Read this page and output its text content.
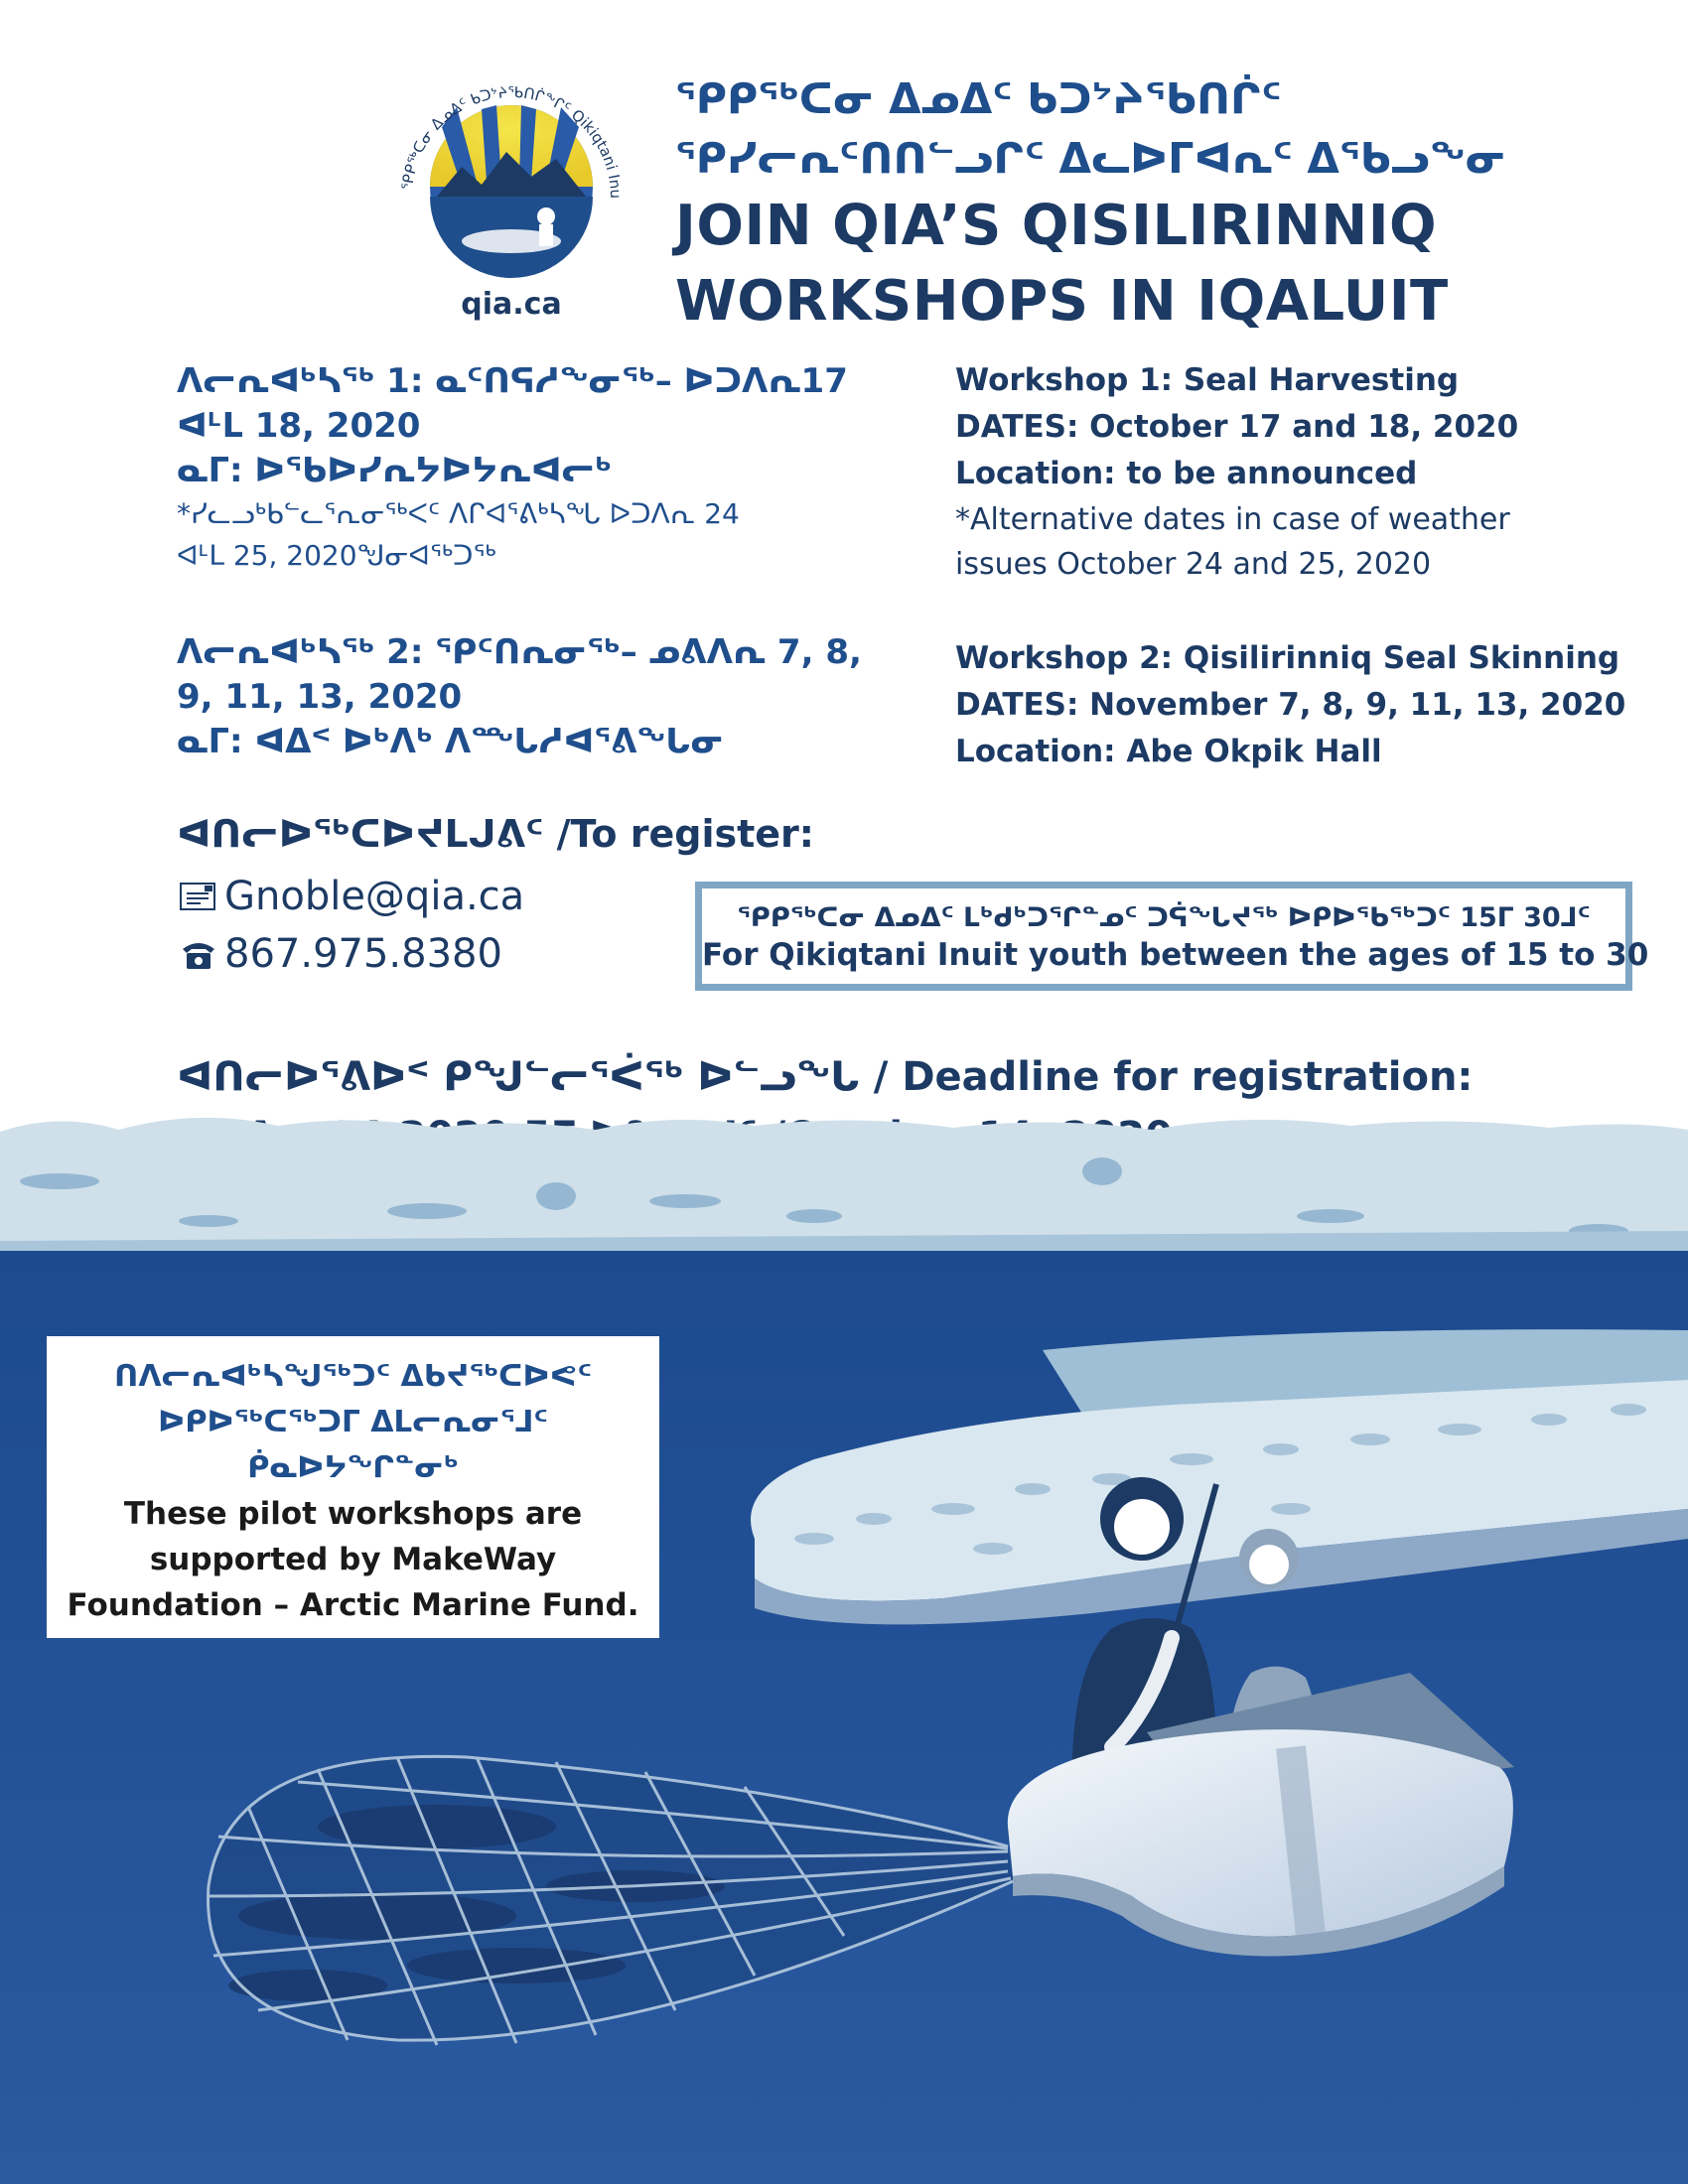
ᕿᑭᖅᑕᓂ ᐃᓄᐃᑦ ᑲᑐᔾᔨᖃᑎᒌᖕᒋᑦ Qikiqtani Inu
qia.ca
ᕿᑭᖅᑕᓂ ᐃᓄᐃᑦ ᑲᑐᔾᔨᖃᑎᒌᑦ
ᕿᓯᓕᕆᑦᑎᑎᓪᓗᒋᑦ ᐃᓚᐅᒥᐊᕆᑦ ᐃᖃᓗᖕᓂ
JOIN QIA’S QISILIRINNIQ
WORKSHOPS IN IQALUIT
ᐱᓕᕆᐊᒃᓴᖅ 1: ᓇᑦᑎᕋᓱᖕᓂᖅ– ᐅᑐᐱᕆ17
ᐊᒻᒪ 18, 2020
ᓇᒥ: ᐅᖃᐅᓯᕆᔭᐅᔭᕆᐊᓕᒃ
*ᓯᓚᓗᒃᑲᓪᓚᕐᕆᓂᖅᐸᑦ ᐱᒋᐊᕐᕕᒃᓴᖓ ᐅᑐᐱᕆ 24
ᐊᒻᒪ 25, 2020ᖑᓂᐊᖅᑐᖅ
Workshop 1: Seal Harvesting
DATES: October 17 and 18, 2020
Location: to be announced
*Alternative dates in case of weather
issues October 24 and 25, 2020
ᐱᓕᕆᐊᒃᓴᖅ 2: ᕿᑦᑎᕆᓂᖅ– ᓄᕕᐱᕆ 7, 8,
9, 11, 13, 2020
ᓇᒥ: ᐊᐃᑉ ᐅᒃᐱᒃ ᐱᙵᓱᐊᕐᕕᖓᓂ
Workshop 2: Qisilirinniq Seal Skinning
DATES: November 7, 8, 9, 11, 13, 2020
Location: Abe Okpik Hall
ᐊᑎᓕᐅᖅᑕᐅᔪᒪᒍᕕᑦ /To register:
Gnoble@qia.ca
867.975.8380
ᕿᑭᖅᑕᓂ ᐃᓄᐃᑦ ᒪᒃᑯᒃᑐᕐᒋᓐᓄᑦ ᑐᕌᖓᔪᖅ ᐅᑭᐅᖃᖅᑐᑦ 15ᒥ 30ᒧᑦ
For Qikiqtani Inuit youth between the ages of 15 to 30
ᐊᑎᓕᐅᕐᕕᐅᑉ ᑭᖑᓪᓕᕐᐹᖅ ᐅᓪᓗᖓ / Deadline for registration:
ᑎᐱᓕᕆᐊᒃᓴᖑᖅᑐᑦ ᐃᑲᔪᖅᑕᐅᕙᑦ
ᐅᑭᐅᖅᑕᖅᑐᒥ ᐃᒪᓕᕆᓂᕐᒧᑦ
ᑮᓇᐅᔭᖏᓐᓂᒃ
These pilot workshops are
supported by MakeWay
Foundation – Arctic Marine Fund.
